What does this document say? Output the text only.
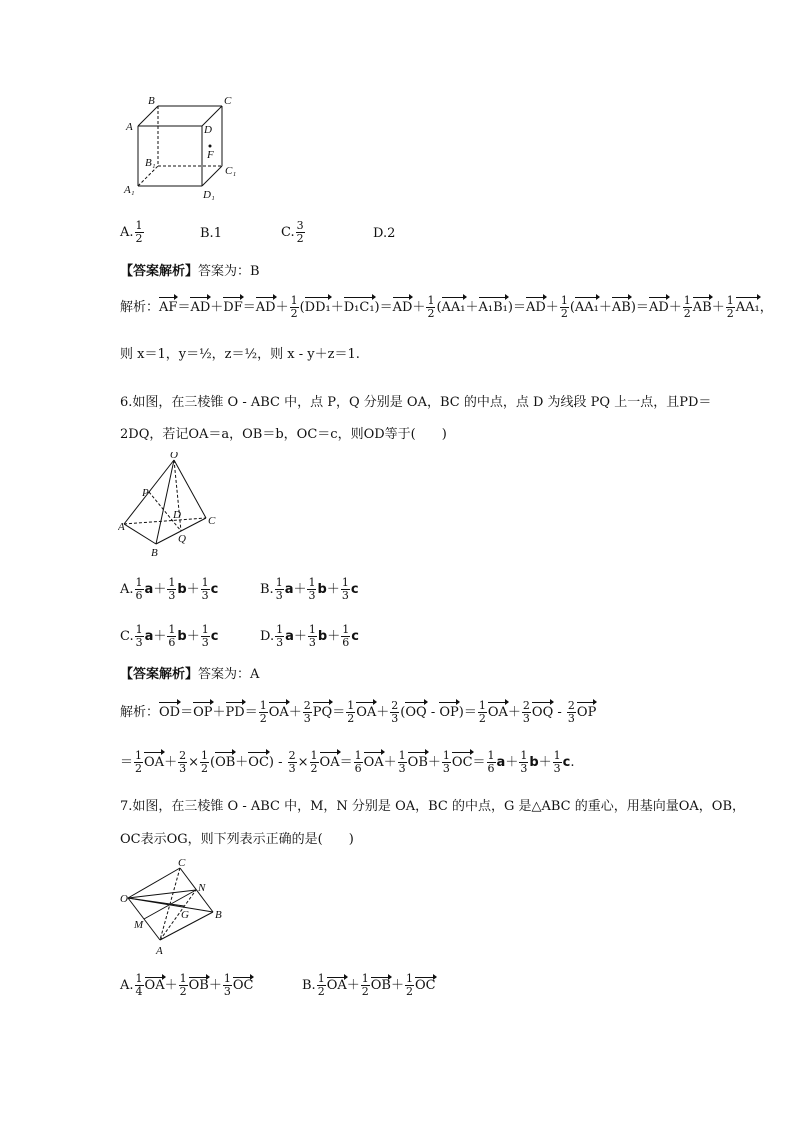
B	C
A	D
B₁
F
C₁
A₁	D₁
A. $\frac{1}{2}$	B.1	C. $\frac{3}{2}$	D.2
【答案解析】答案为：B
解析：$AF=AD+DF=AD+ \frac{1}{2} (DD_1+D_1C_1)=AD+ \frac{1}{2} (AA_1+A_1B_1)=AD+ \frac{1}{2} (AA_1+AB)=AD+ \frac{1}{2} AB+ \frac{1}{2} AA_1$，
则 x＝1，y＝½，z＝½，则 x - y＋z＝1.
6.如图，在三棱锥 O - ABC 中，点 P，Q 分别是 OA，BC 的中点，点 D 为线段 PQ 上一点，且PD＝
2DQ，若记OA＝a，OB＝b，OC＝c，则OD等于(　　)
O
P
D C
A
Q
B
A. $\frac{1}{6} a+ \frac{1}{3} b+ \frac{1}{3}$ c	B. $\frac{1}{3} a+ \frac{1}{3} b+ \frac{1}{3}$ c
C. $\frac{1}{3} a+ \frac{1}{6} b+ \frac{1}{3}$ c	D. $\frac{1}{3} a+ \frac{1}{3} b+ \frac{1}{6}$ c
【答案解析】答案为：A
解析：$OD=OP+PD= \frac{1}{2} OA+ \frac{2}{3} PQ= \frac{1}{2} OA+ \frac{2}{3} (OQ - OP)= \frac{1}{2} OA+ \frac{2}{3}$ OQ - $\frac{2}{3}$ OP
＝ $\frac{1}{2} OA+ \frac{2}{3} \times \frac{1}{2} (OB+OC) - \frac{2}{3} \times \frac{1}{2} OA= \frac{1}{6} OA+ \frac{1}{3} OB+ \frac{1}{3} OC= \frac{1}{6} a+ \frac{1}{3} b+ \frac{1}{3} c$.
7.如图，在三棱锥 O - ABC 中，M，N 分别是 OA，BC 的中点，G 是△ABC 的重心，用基向量OA，OB，
OC表示OG，则下列表示正确的是(　　)
C
N
O
G B
M
A
A. $\frac{1}{4} OA+ \frac{1}{2} OB+ \frac{1}{3}$ OC	B. $\frac{1}{2} OA+ \frac{1}{2} OB+ \frac{1}{2}$ OC
